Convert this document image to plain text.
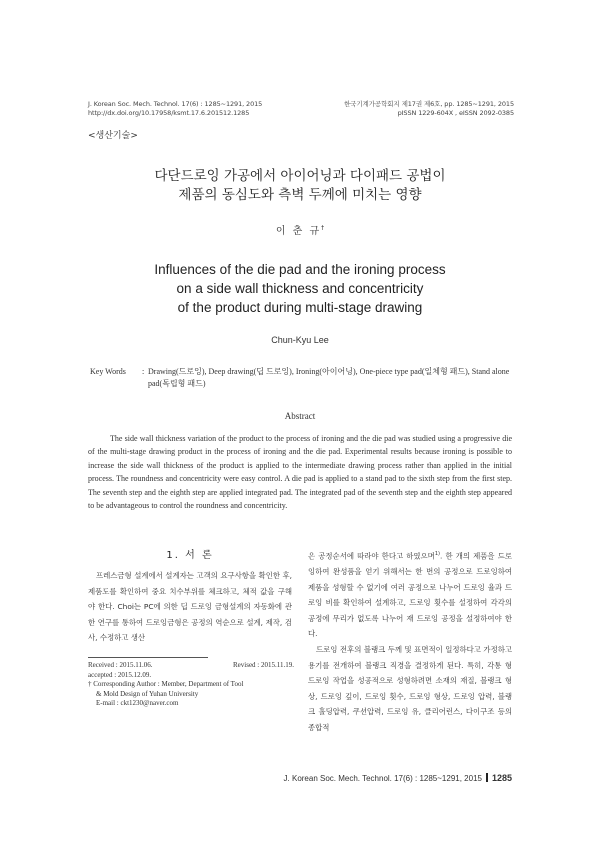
J. Korean Soc. Mech. Technol. 17(6) : 1285~1291, 2015
http://dx.doi.org/10.17958/ksmt.17.6.201512.1285
한국기계가공학회지 제17권 제6호, pp. 1285~1291, 2015
pISSN 1229-604X , eISSN 2092-0385
<생산기술>
다단드로잉 가공에서 아이어닝과 다이패드 공법이
제품의 동심도와 측벽 두께에 미치는 영향
이 춘 규†
Influences of the die pad and the ironing process
on a side wall thickness and concentricity
of the product during multi-stage drawing
Chun-Kyu Lee
Key Words	: Drawing(드로잉), Deep drawing(딥 드로잉), Ironing(아이어닝), One-piece type pad(일체형 패드), Stand alone pad(독립형 패드)
Abstract
The side wall thickness variation of the product to the process of ironing and the die pad was studied using a progressive die of the multi-stage drawing product in the process of ironing and the die pad. Experimental results because ironing is possible to increase the side wall thickness of the product is applied to the intermediate drawing process rather than applied in the initial process. The roundness and concentricity were easy control. A die pad is applied to a stand pad to the sixth step from the first step. The seventh step and the eighth step are applied integrated pad. The integrated pad of the seventh step and the eighth step appeared to be advantageous to control the roundness and concentricity.
1. 서 론
프레스금형 설계에서 설계자는 고객의 요구사항을 확인한 후, 제품도를 확인하여 중요 치수부위를 체크하고, 체적 값을 구해야 한다. Choi는 PC에 의한 딥 드로잉 금형설계의 자동화에 관한 연구를 통하여 드로잉금형은 공정의 역순으로 설계, 제작, 검사, 수정하고 생산

은 공정순서에 따라야 한다고 하였으며$^{1)}$. 한 개의 제품을 드로잉하여 완성품을 얻기 위해서는 한 번의 공정으로 드로잉하여 제품을 성형할 수 없기에 여러 공정으로 나누어 드로잉 율과 드로잉 비를 확인하여 설계하고, 드로잉 횟수를 설정하여 각각의 공정에 무리가 없도록 나누어 재 드로잉 공정을 설정하여야 한다.

드로잉 전후의 블랭크 두께 및 표면적이 일정하다고 가정하고 용기를 전개하여 블랭크 직경을 결정하게 된다. 특히, 각통 형 드로잉 작업을 성공적으로 성형하려면 소재의 재질, 블랭크 형상, 드로잉 깊이, 드로잉 횟수, 드로잉 형상, 드로잉 압력, 블랭크 홀딩압력, 쿠션압력, 드로잉 유, 클리어런스, 다이구조 등의 종합적

Received : 2015.11.06.	Revised : 2015.11.19.
accepted : 2015.12.09.
† Corresponding Author : Member, Department of Tool
& Mold Design of Yuhan University
E-mail : ckt1230@naver.com
J. Korean Soc. Mech. Technol. 17(6) : 1285~1291, 2015 1285
